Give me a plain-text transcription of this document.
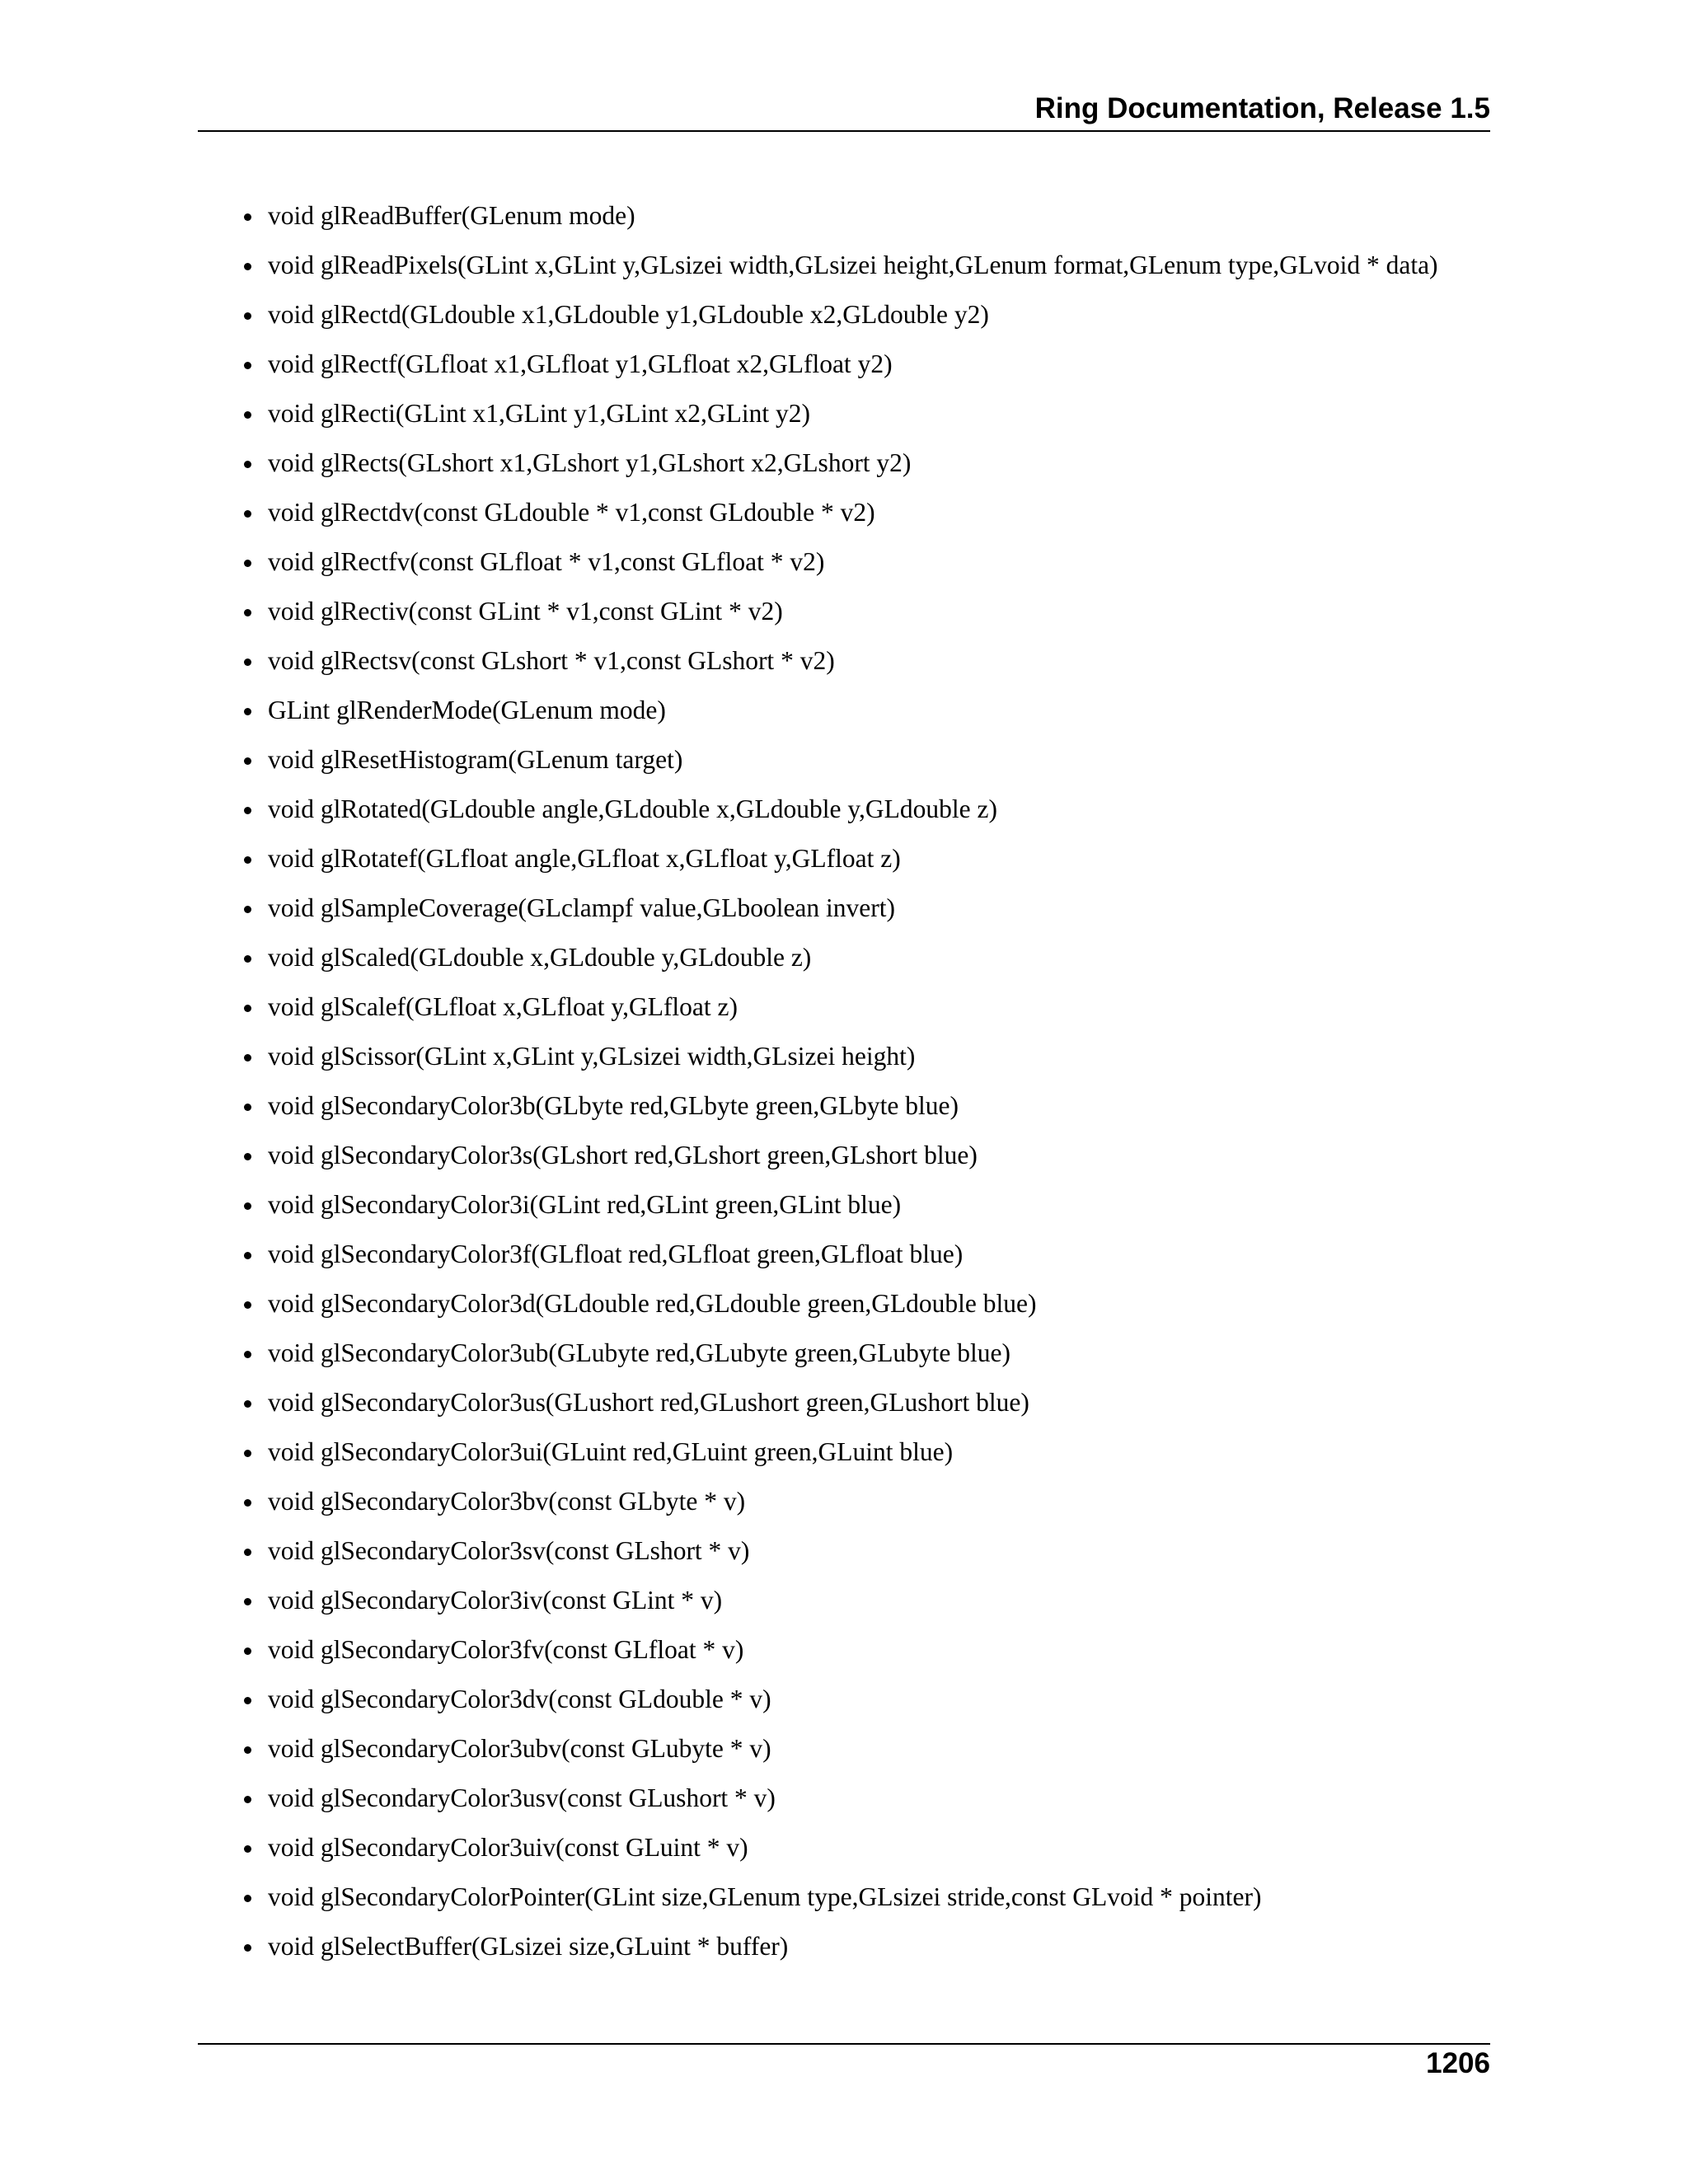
Ring Documentation, Release 1.5
void glReadBuffer(GLenum mode)
void glReadPixels(GLint x,GLint y,GLsizei width,GLsizei height,GLenum format,GLenum type,GLvoid * data)
void glRectd(GLdouble x1,GLdouble y1,GLdouble x2,GLdouble y2)
void glRectf(GLfloat x1,GLfloat y1,GLfloat x2,GLfloat y2)
void glRecti(GLint x1,GLint y1,GLint x2,GLint y2)
void glRects(GLshort x1,GLshort y1,GLshort x2,GLshort y2)
void glRectdv(const GLdouble * v1,const GLdouble * v2)
void glRectfv(const GLfloat * v1,const GLfloat * v2)
void glRectiv(const GLint * v1,const GLint * v2)
void glRectsv(const GLshort * v1,const GLshort * v2)
GLint glRenderMode(GLenum mode)
void glResetHistogram(GLenum target)
void glRotated(GLdouble angle,GLdouble x,GLdouble y,GLdouble z)
void glRotatef(GLfloat angle,GLfloat x,GLfloat y,GLfloat z)
void glSampleCoverage(GLclampf value,GLboolean invert)
void glScaled(GLdouble x,GLdouble y,GLdouble z)
void glScalef(GLfloat x,GLfloat y,GLfloat z)
void glScissor(GLint x,GLint y,GLsizei width,GLsizei height)
void glSecondaryColor3b(GLbyte red,GLbyte green,GLbyte blue)
void glSecondaryColor3s(GLshort red,GLshort green,GLshort blue)
void glSecondaryColor3i(GLint red,GLint green,GLint blue)
void glSecondaryColor3f(GLfloat red,GLfloat green,GLfloat blue)
void glSecondaryColor3d(GLdouble red,GLdouble green,GLdouble blue)
void glSecondaryColor3ub(GLubyte red,GLubyte green,GLubyte blue)
void glSecondaryColor3us(GLushort red,GLushort green,GLushort blue)
void glSecondaryColor3ui(GLuint red,GLuint green,GLuint blue)
void glSecondaryColor3bv(const GLbyte * v)
void glSecondaryColor3sv(const GLshort * v)
void glSecondaryColor3iv(const GLint * v)
void glSecondaryColor3fv(const GLfloat * v)
void glSecondaryColor3dv(const GLdouble * v)
void glSecondaryColor3ubv(const GLubyte * v)
void glSecondaryColor3usv(const GLushort * v)
void glSecondaryColor3uiv(const GLuint * v)
void glSecondaryColorPointer(GLint size,GLenum type,GLsizei stride,const GLvoid * pointer)
void glSelectBuffer(GLsizei size,GLuint * buffer)
1206
